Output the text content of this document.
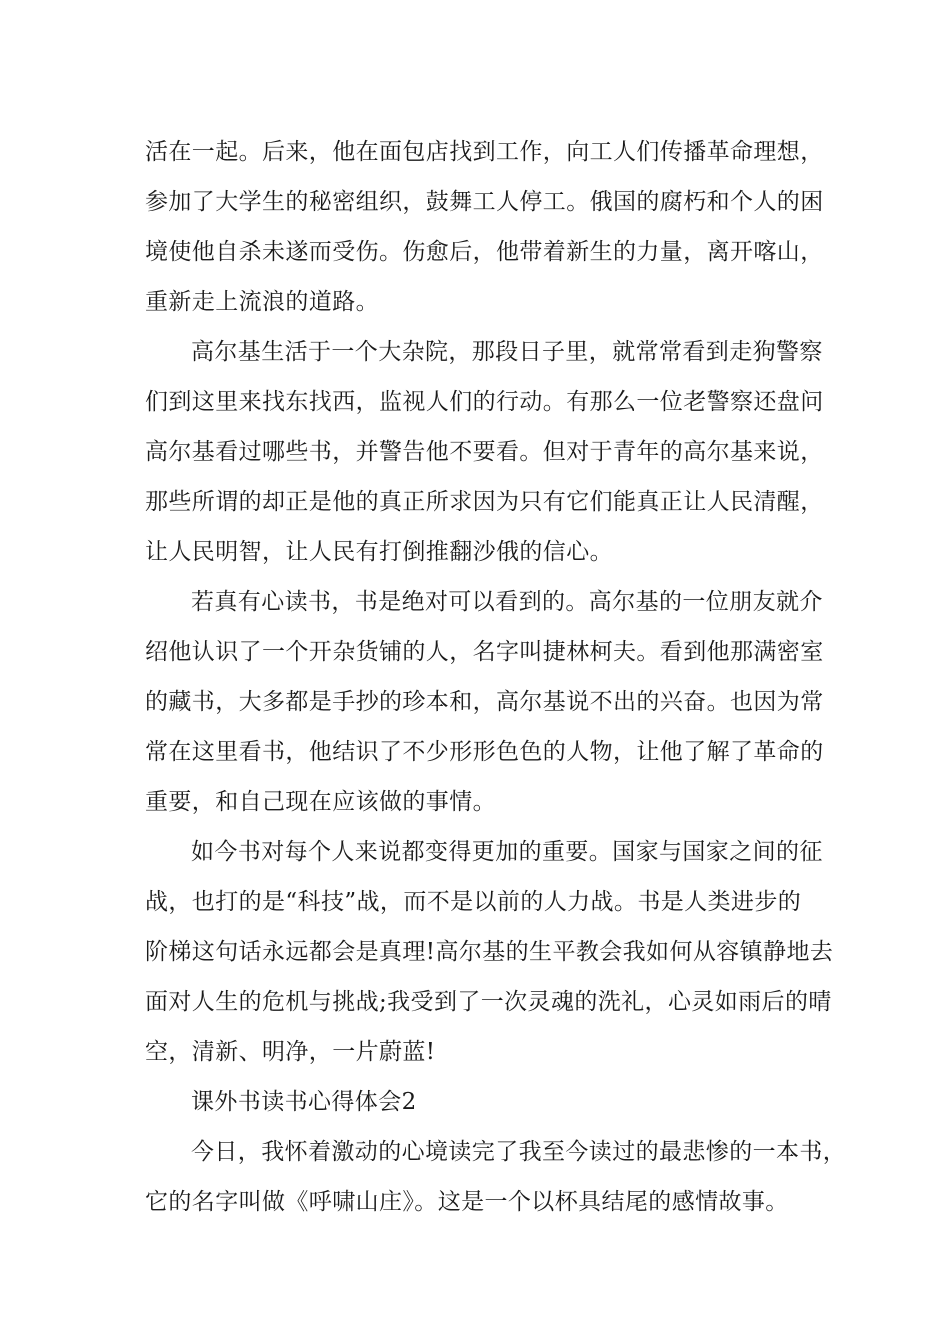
活在一起。后来，他在面包店找到工作，向工人们传播革命理想，
参加了大学生的秘密组织，鼓舞工人停工。俄国的腐朽和个人的困
境使他自杀未遂而受伤。伤愈后，他带着新生的力量，离开喀山，
重新走上流浪的道路。
高尔基生活于一个大杂院，那段日子里，就常常看到走狗警察
们到这里来找东找西，监视人们的行动。有那么一位老警察还盘问
高尔基看过哪些书，并警告他不要看。但对于青年的高尔基来说，
那些所谓的却正是他的真正所求因为只有它们能真正让人民清醒，
让人民明智，让人民有打倒推翻沙俄的信心。
若真有心读书，书是绝对可以看到的。高尔基的一位朋友就介
绍他认识了一个开杂货铺的人，名字叫捷林柯夫。看到他那满密室
的藏书，大多都是手抄的珍本和，高尔基说不出的兴奋。也因为常
常在这里看书，他结识了不少形形色色的人物，让他了解了革命的
重要，和自己现在应该做的事情。
如今书对每个人来说都变得更加的重要。国家与国家之间的征
战，也打的是“科技”战，而不是以前的人力战。书是人类进步的
阶梯这句话永远都会是真理!高尔基的生平教会我如何从容镇静地去
面对人生的危机与挑战;我受到了一次灵魂的洗礼，心灵如雨后的晴
空，清新、明净，一片蔚蓝!
课外书读书心得体会2
今日，我怀着激动的心境读完了我至今读过的最悲惨的一本书，
它的名字叫做《呼啸山庄》。这是一个以杯具结尾的感情故事。
